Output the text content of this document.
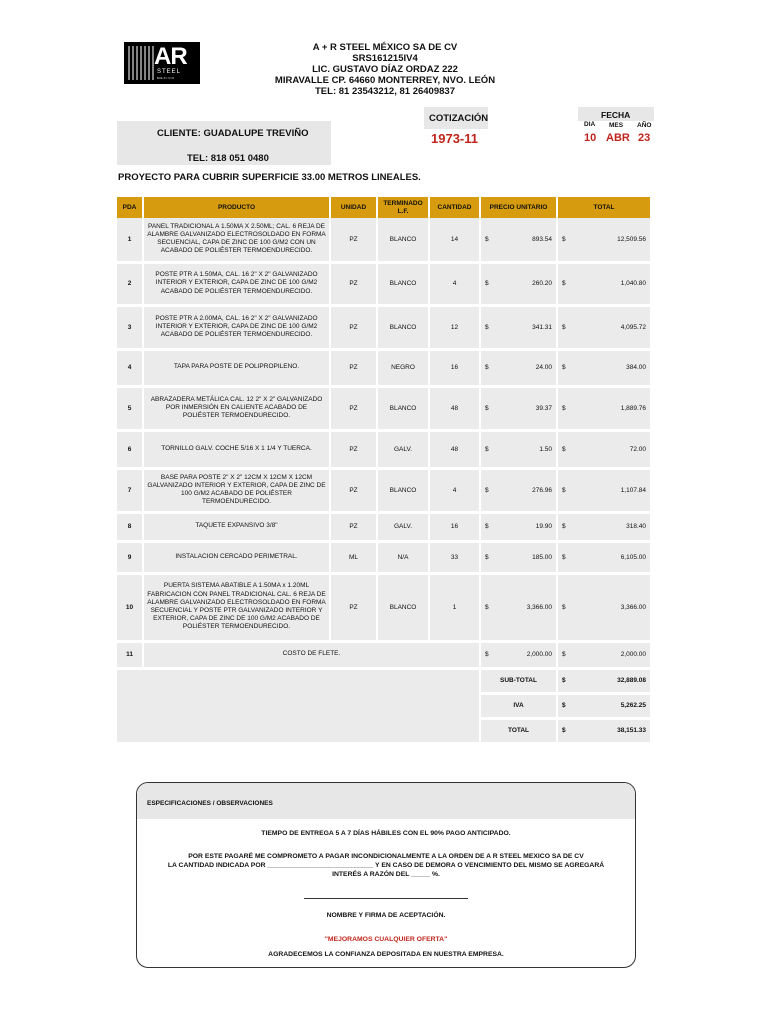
AR
STEEL
MEXICO
A + R STEEL MÉXICO SA DE CV
SRS161215IV4
LIC. GUSTAVO DÍAZ ORDAZ 222
MIRAVALLE CP. 64660 MONTERREY, NVO. LEÓN
TEL: 81 23543212, 81 26409837
CLIENTE: GUADALUPE TREVIÑO
TEL: 818 051 0480
COTIZACIÓN
1973-11
FECHA
DIA MES AÑO
10 ABR 23
PROYECTO PARA CUBRIR SUPERFICIE 33.00 METROS LINEALES.
PDA	PRODUCTO	UNIDAD	TERMINADO L.F.	CANTIDAD	PRECIO UNITARIO	TOTAL
1	PANEL TRADICIONAL A 1.50MA X 2.50ML; CAL. 6 REJA DE ALAMBRE GALVANIZADO ELECTROSOLDADO EN FORMA SECUENCIAL, CAPA DE ZINC DE 100 G/M2 CON UN ACABADO DE POLIÉSTER TERMOENDURECIDO.	PZ	BLANCO	14	$ 893.54	$ 12,509.56

2	POSTE PTR A 1.50MA, CAL. 16 2" X 2" GALVANIZADO INTERIOR Y EXTERIOR, CAPA DE ZINC DE 100 G/M2 ACABADO DE POLIÉSTER TERMOENDURECIDO.	PZ	BLANCO	4	$ 260.20	$ 1,040.80

3	POSTE PTR A 2.00MA, CAL. 16 2" X 2" GALVANIZADO INTERIOR Y EXTERIOR, CAPA DE ZINC DE 100 G/M2 ACABADO DE POLIÉSTER TERMOENDURECIDO.	PZ	BLANCO	12	$ 341.31	$ 4,095.72

4	TAPA PARA POSTE DE POLIPROPILENO.	PZ	NEGRO	16	$ 24.00	$ 384.00

5	ABRAZADERA METÁLICA CAL. 12 2" X 2" GALVANIZADO POR INMERSIÓN EN CALIENTE ACABADO DE POLIÉSTER TERMOENDURECIDO.	PZ	BLANCO	48	$ 39.37	$ 1,889.76

6	TORNILLO GALV. COCHE 5/16 X 1 1/4 Y TUERCA.	PZ	GALV.	48	$ 1.50	$ 72.00

7	BASE PARA POSTE 2" X 2" 12CM X 12CM X 12CM GALVANIZADO INTERIOR Y EXTERIOR, CAPA DE ZINC DE 100 G/M2 ACABADO DE POLIÉSTER TERMOENDURECIDO.	PZ	BLANCO	4	$ 276.96	$ 1,107.84

8	TAQUETE EXPANSIVO 3/8"	PZ	GALV.	16	$ 19.90	$ 318.40

9	INSTALACION CERCADO PERIMETRAL.	ML	N/A	33	$ 185.00	$ 6,105.00

10	PUERTA SISTEMA ABATIBLE A 1.50MA x 1.20ML FABRICACION CON PANEL TRADICIONAL CAL. 6 REJA DE ALAMBRE GALVANIZADO ELECTROSOLDADO EN FORMA SECUENCIAL Y POSTE PTR GALVANIZADO INTERIOR Y EXTERIOR, CAPA DE ZINC DE 100 G/M2 ACABADO DE POLIÉSTER TERMOENDURECIDO.	PZ	BLANCO	1	$ 3,366.00	$ 3,366.00

11	COSTO DE FLETE.				$ 2,000.00	$ 2,000.00

					SUB-TOTAL	$ 32,889.08

					IVA	$ 5,262.25

					TOTAL	$ 38,151.33
ESPECIFICACIONES / OBSERVACIONES
TIEMPO DE ENTREGA 5 A 7 DÍAS HÁBILES CON EL 90% PAGO ANTICIPADO.
POR ESTE PAGARÉ ME COMPROMETO A PAGAR INCONDICIONALMENTE A LA ORDEN DE A R STEEL MEXICO SA DE CV
LA CANTIDAD INDICADA POR ____________________________ Y EN CASO DE DEMORA O VENCIMIENTO DEL MISMO SE AGREGARÁ
INTERÉS A RAZÓN DEL _____ %.
NOMBRE Y FIRMA DE ACEPTACIÓN.
"MEJORAMOS CUALQUIER OFERTA"
AGRADECEMOS LA CONFIANZA DEPOSITADA EN NUESTRA EMPRESA.
